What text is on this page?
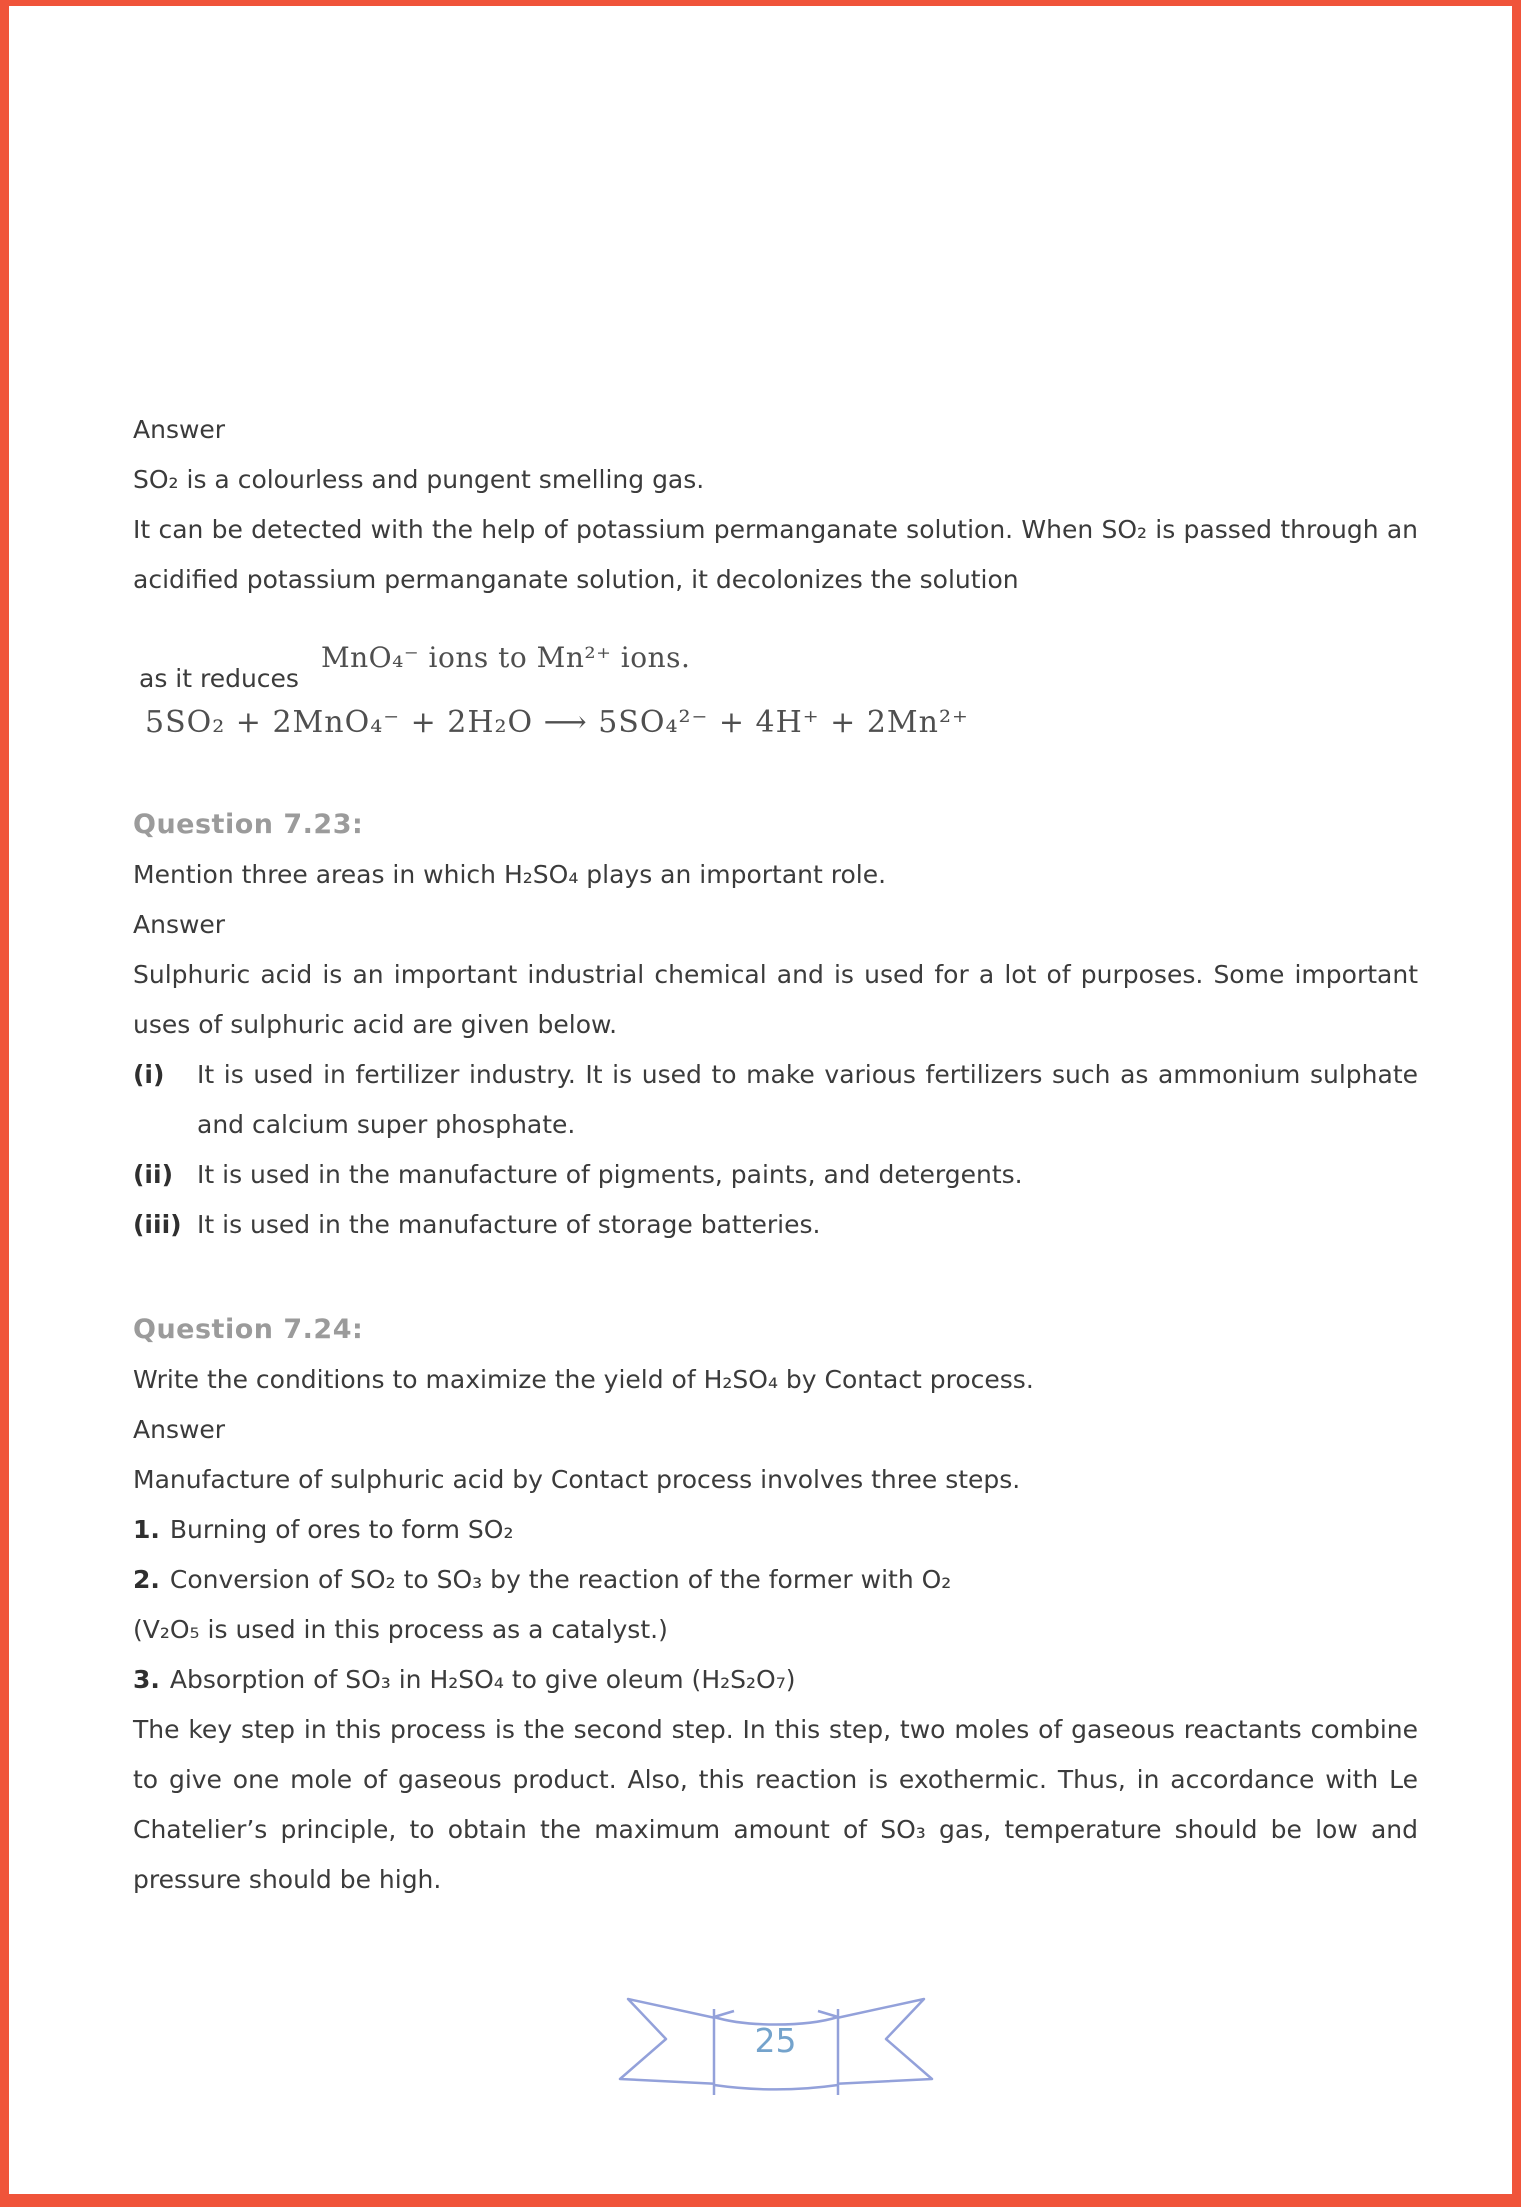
Answer
SO₂ is a colourless and pungent smelling gas.
It can be detected with the help of potassium permanganate solution. When SO₂ is passed through an acidified potassium permanganate solution, it decolonizes the solution
as it reduces
MnO₄⁻ ions to Mn²⁺ ions.
5SO₂ + 2MnO₄⁻ + 2H₂O ⟶ 5SO₄²⁻ + 4H⁺ + 2Mn²⁺
Question 7.23:
Mention three areas in which H₂SO₄ plays an important role.
Answer
Sulphuric acid is an important industrial chemical and is used for a lot of purposes. Some important uses of sulphuric acid are given below.
(i)	It is used in fertilizer industry. It is used to make various fertilizers such as ammonium sulphate and calcium super phosphate.
(ii) It is used in the manufacture of pigments, paints, and detergents.
(iii) It is used in the manufacture of storage batteries.
Question 7.24:
Write the conditions to maximize the yield of H₂SO₄ by Contact process.
Answer
Manufacture of sulphuric acid by Contact process involves three steps.
1. Burning of ores to form SO₂
2. Conversion of SO₂ to SO₃ by the reaction of the former with O₂
(V₂O₅ is used in this process as a catalyst.)
3. Absorption of SO₃ in H₂SO₄ to give oleum (H₂S₂O₇)
The key step in this process is the second step. In this step, two moles of gaseous reactants combine to give one mole of gaseous product. Also, this reaction is exothermic. Thus, in accordance with Le Chatelier’s principle, to obtain the maximum amount of SO₃ gas, temperature should be low and pressure should be high.
25
